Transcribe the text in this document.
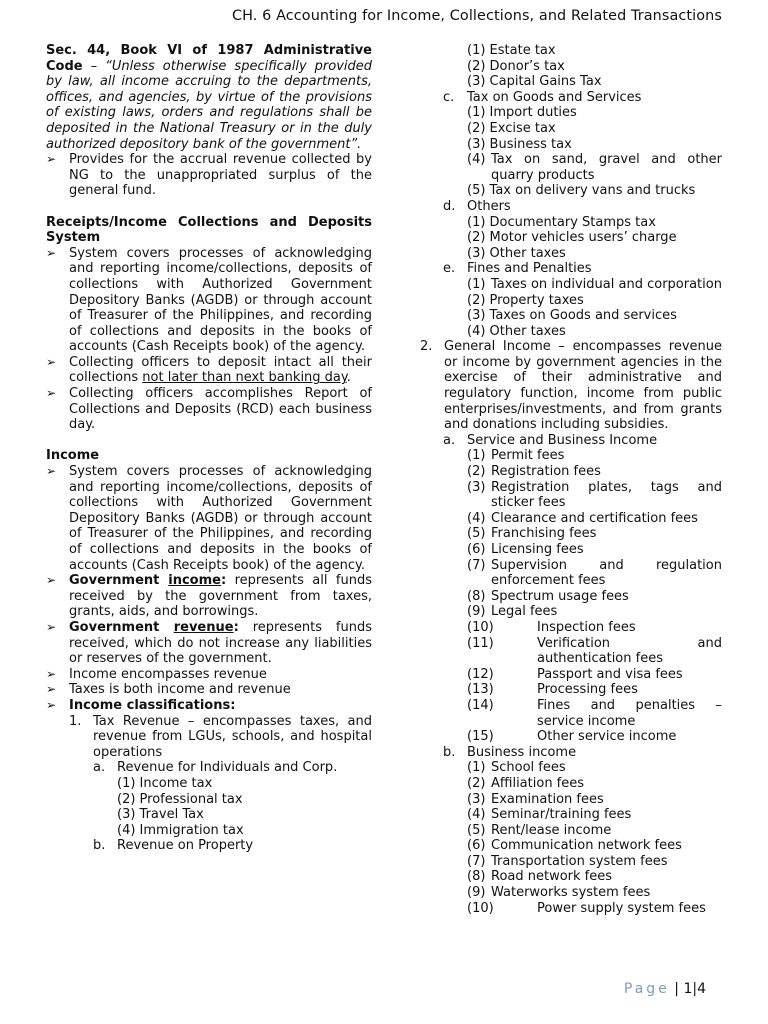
CH. 6 Accounting for Income, Collections, and Related Transactions

Sec. 44, Book VI of 1987 Administrative Code – “Unless otherwise specifically provided by law, all income accruing to the departments, offices, and agencies, by virtue of the provisions of existing laws, orders and regulations shall be deposited in the National Treasury or in the duly authorized depository bank of the government”.

➢ Provides for the accrual revenue collected by NG to the unappropriated surplus of the general fund.

Receipts/Income Collections and Deposits System

➢ System covers processes of acknowledging and reporting income/collections, deposits of collections with Authorized Government Depository Banks (AGDB) or through account of Treasurer of the Philippines, and recording of collections and deposits in the books of accounts (Cash Receipts book) of the agency.
➢ Collecting officers to deposit intact all their collections not later than next banking day.
➢ Collecting officers accomplishes Report of Collections and Deposits (RCD) each business day.

Income

➢ System covers processes of acknowledging and reporting income/collections, deposits of collections with Authorized Government Depository Banks (AGDB) or through account of Treasurer of the Philippines, and recording of collections and deposits in the books of accounts (Cash Receipts book) of the agency.
➢ Government income: represents all funds received by the government from taxes, grants, aids, and borrowings.
➢ Government revenue: represents funds received, which do not increase any liabilities or reserves of the government.
➢ Income encompasses revenue
➢ Taxes is both income and revenue
➢ Income classifications:
1. Tax Revenue – encompasses taxes, and revenue from LGUs, schools, and hospital operations
a. Revenue for Individuals and Corp.

(1) Income tax

(2) Professional tax

(3) Travel Tax

(4) Immigration tax

b. Revenue on Property

(1) Estate tax

(2) Donor’s tax

(3) Capital Gains Tax

c. Tax on Goods and Services

(1) Import duties

(2) Excise tax

(3) Business tax

(4) Tax on sand, gravel and other quarry products

(5) Tax on delivery vans and trucks

d. Others

(1) Documentary Stamps tax

(2) Motor vehicles users’ charge

(3) Other taxes

e. Fines and Penalties
(1) Taxes on individual and corporation

(2) Property taxes

(3) Taxes on Goods and services

(4) Other taxes

2. General Income – encompasses revenue or income by government agencies in the exercise of their administrative and regulatory function, income from public enterprises/investments, and from grants and donations including subsidies.
a. Service and Business Income
(1) Permit fees
(2) Registration fees
(3) Registration plates, tags and sticker fees
(4) Clearance and certification fees
(5) Franchising fees
(6) Licensing fees
(7) Supervision and regulation enforcement fees
(8) Spectrum usage fees
(9) Legal fees
(10)	Inspection fees
(11)	Verification and authentication fees
(12)	Passport and visa fees
(13)	Processing fees
(14)	Fines and penalties – service income
(15)	Other service income
b. Business income
(1) School fees
(2) Affiliation fees
(3) Examination fees
(4) Seminar/training fees
(5) Rent/lease income
(6) Communication network fees
(7) Transportation system fees
(8) Road network fees
(9) Waterworks system fees
(10)	Power supply system fees
Page | 1|4
